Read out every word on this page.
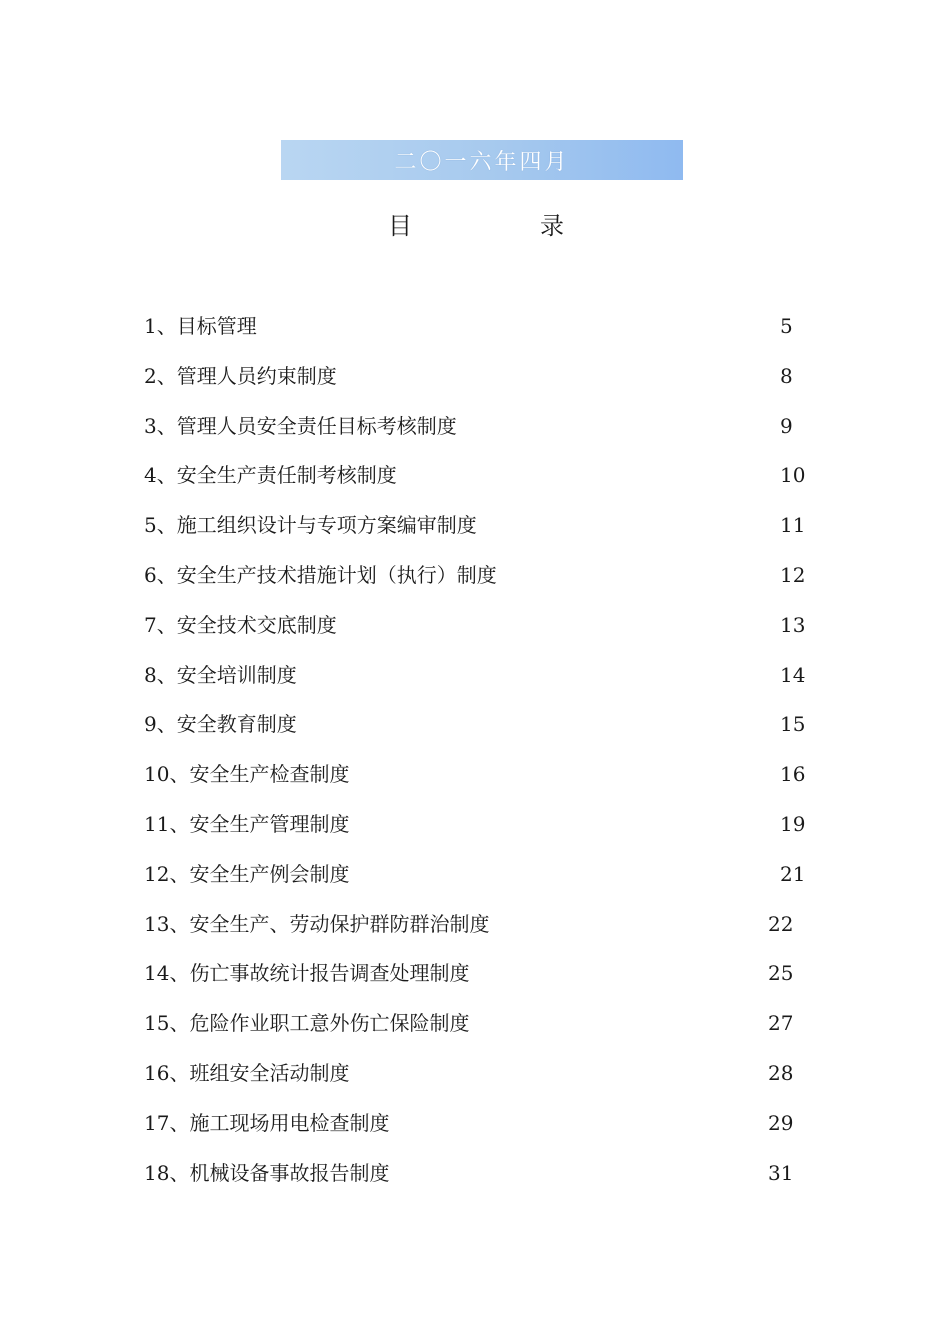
二〇一六年四月
目	录
1、目标管理	5
2、管理人员约束制度	8
3、管理人员安全责任目标考核制度	9
4、安全生产责任制考核制度	10
5、施工组织设计与专项方案编审制度	11
6、安全生产技术措施计划（执行）制度	12
7、安全技术交底制度	13
8、安全培训制度	14
9、安全教育制度	15
10、安全生产检查制度	16
11、安全生产管理制度	19
12、安全生产例会制度	21
13、安全生产、劳动保护群防群治制度	22
14、伤亡事故统计报告调查处理制度	25
15、危险作业职工意外伤亡保险制度	27
16、班组安全活动制度	28
17、施工现场用电检查制度	29
18、机械设备事故报告制度	31
